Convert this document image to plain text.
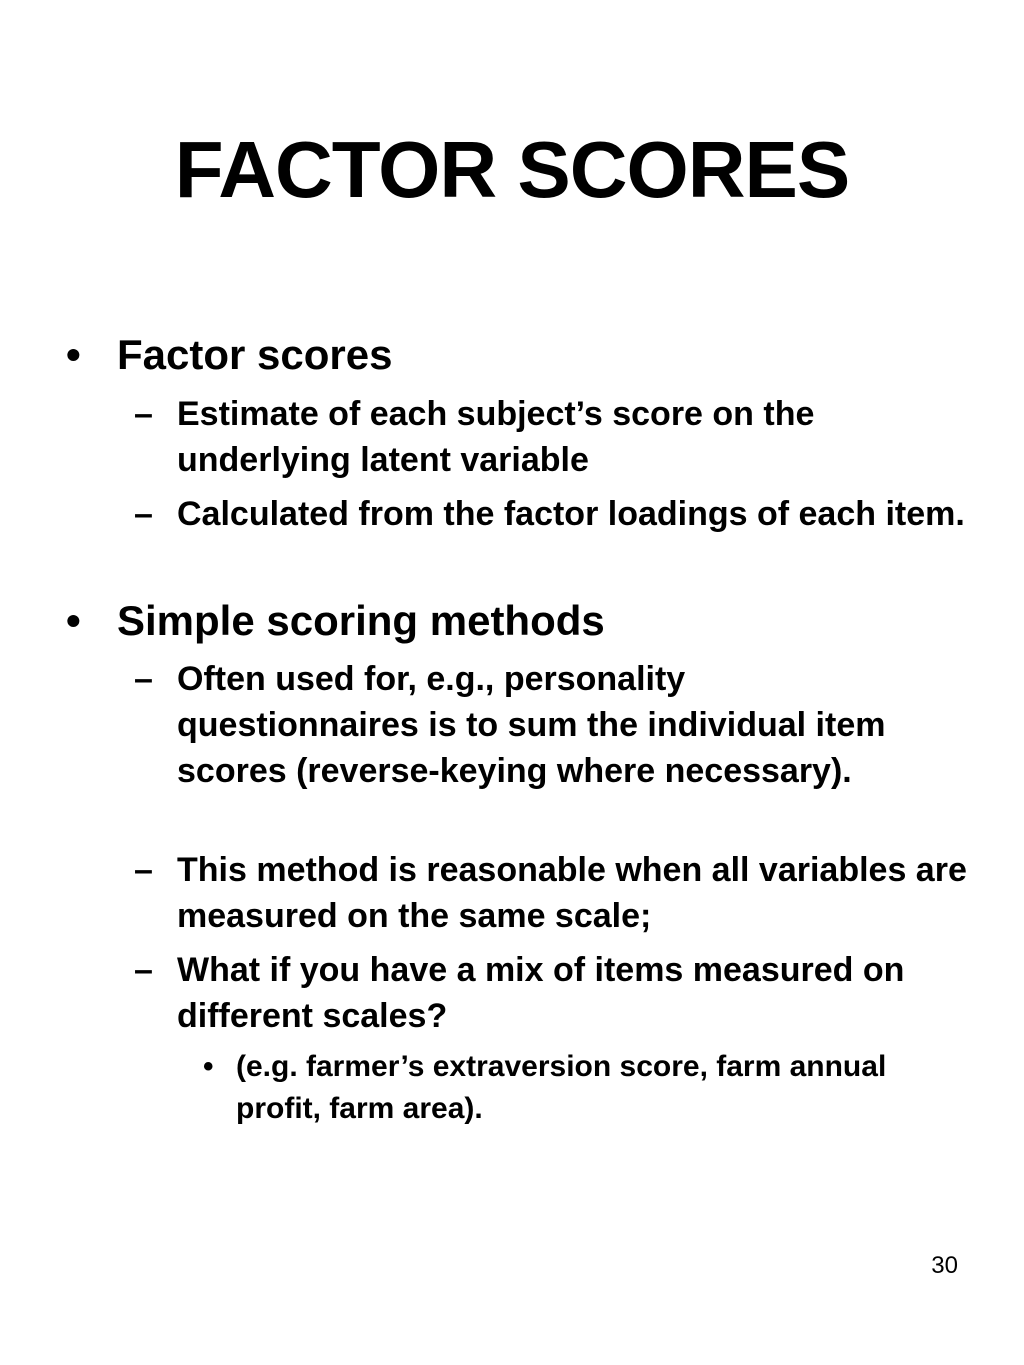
FACTOR SCORES
• Factor scores
– Estimate of each subject’s score on the underlying latent variable
– Calculated from the factor loadings of each item.
• Simple scoring methods
– Often used for, e.g., personality questionnaires is to sum the individual item scores (reverse-keying where necessary).
– This method is reasonable when all variables are measured on the same scale;
– What if you have a mix of items measured on different scales?
• (e.g. farmer’s extraversion score, farm annual profit, farm area).
30
